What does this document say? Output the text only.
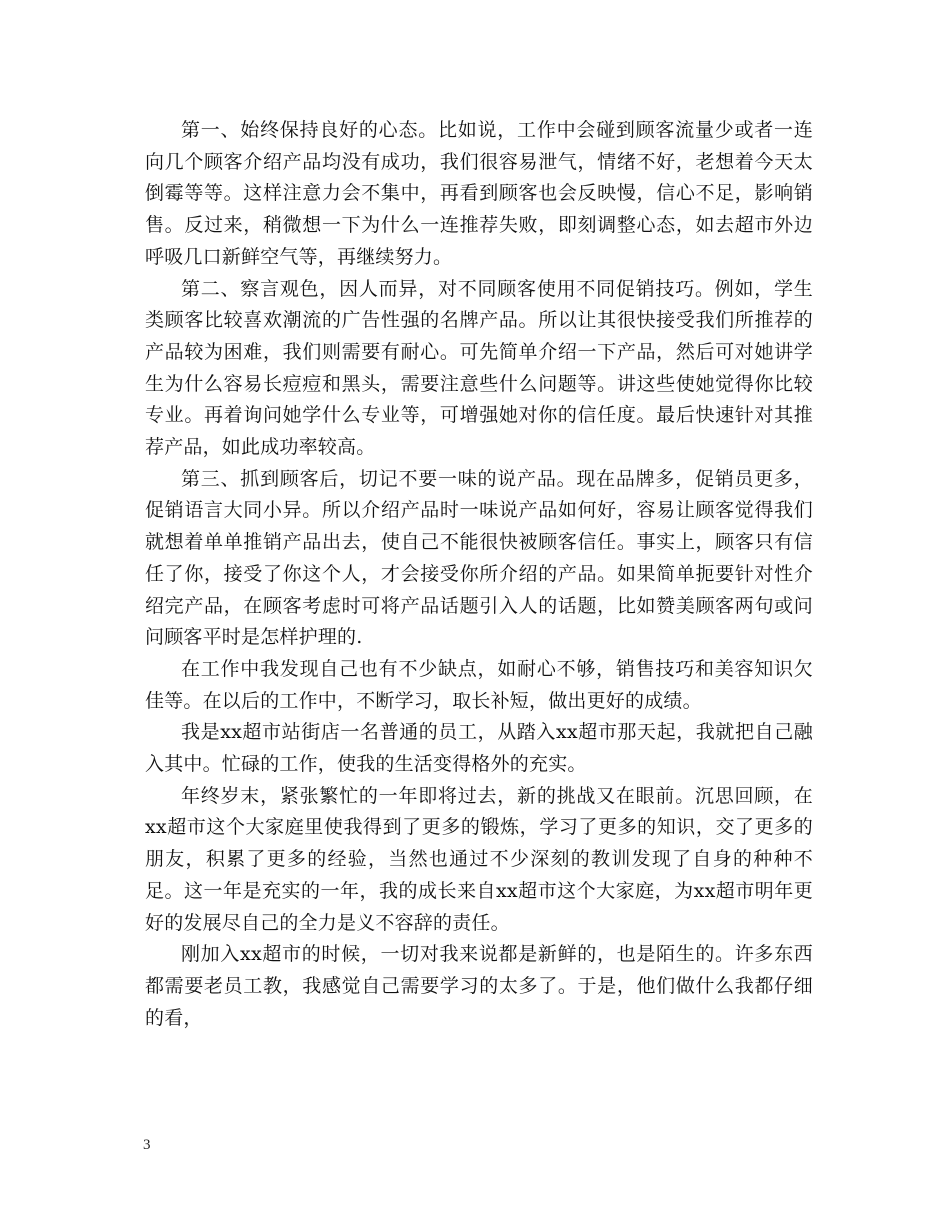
第一、始终保持良好的心态。比如说，工作中会碰到顾客流量少或者一连向几个顾客介绍产品均没有成功，我们很容易泄气，情绪不好，老想着今天太倒霉等等。这样注意力会不集中，再看到顾客也会反映慢，信心不足，影响销售。反过来，稍微想一下为什么一连推荐失败，即刻调整心态，如去超市外边呼吸几口新鲜空气等，再继续努力。

第二、察言观色，因人而异，对不同顾客使用不同促销技巧。例如，学生类顾客比较喜欢潮流的广告性强的名牌产品。所以让其很快接受我们所推荐的产品较为困难，我们则需要有耐心。可先简单介绍一下产品，然后可对她讲学生为什么容易长痘痘和黑头，需要注意些什么问题等。讲这些使她觉得你比较专业。再着询问她学什么专业等，可增强她对你的信任度。最后快速针对其推荐产品，如此成功率较高。

第三、抓到顾客后，切记不要一味的说产品。现在品牌多，促销员更多，促销语言大同小异。所以介绍产品时一味说产品如何好，容易让顾客觉得我们就想着单单推销产品出去，使自己不能很快被顾客信任。事实上，顾客只有信任了你，接受了你这个人，才会接受你所介绍的产品。如果简单扼要针对性介绍完产品，在顾客考虑时可将产品话题引入人的话题，比如赞美顾客两句或问问顾客平时是怎样护理的.

在工作中我发现自己也有不少缺点，如耐心不够，销售技巧和美容知识欠佳等。在以后的工作中，不断学习，取长补短，做出更好的成绩。

我是xx超市站街店一名普通的员工，从踏入xx超市那天起，我就把自己融入其中。忙碌的工作，使我的生活变得格外的充实。

年终岁末，紧张繁忙的一年即将过去，新的挑战又在眼前。沉思回顾，在xx超市这个大家庭里使我得到了更多的锻炼，学习了更多的知识，交了更多的朋友，积累了更多的经验，当然也通过不少深刻的教训发现了自身的种种不足。这一年是充实的一年，我的成长来自xx超市这个大家庭，为xx超市明年更好的发展尽自己的全力是义不容辞的责任。

刚加入xx超市的时候，一切对我来说都是新鲜的，也是陌生的。许多东西都需要老员工教，我感觉自己需要学习的太多了。于是，他们做什么我都仔细的看，

3
